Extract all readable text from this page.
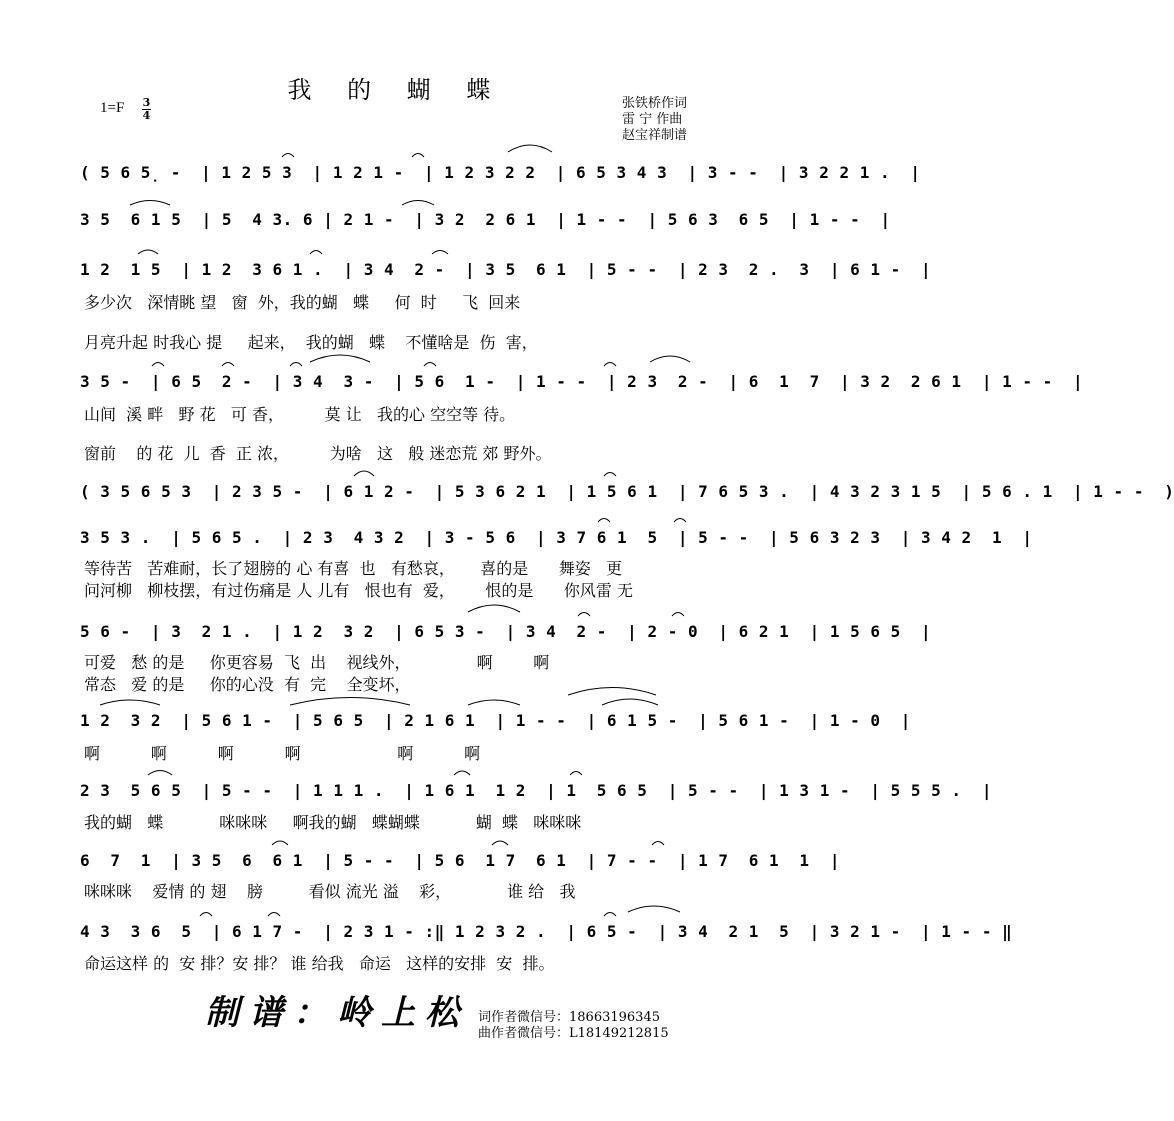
我 的 蝴 蝶
1=F 3
4
张铁桥作词
雷 宁 作曲
赵宝祥制谱
( 5 6 5̣ -  | 1 2 5 3  | 1 2 1 -  | 1 2 3 2 2  | 6 5 3 4 3  | 3 - -  | 3 2 2 1 .  |
3 5  6 1 5  | 5  4 3. 6 | 2 1 -  | 3 2  2 6 1  | 1 - -  | 5 6 3  6 5  | 1 - -  |
1 2  1 5  | 1 2  3 6 1 .  | 3 4  2 -  | 3 5  6 1  | 5 - -  | 2 3  2 .  3  | 6 1 -  |
多少次   深情眺 望   窗  外，我的蝴   蝶     何  时     飞  回来
月亮升起 时我心 提     起来，  我的蝴   蝶    不懂啥是  伤  害，
3 5 -  | 6 5  2 -  | 3 4  3 -  | 5 6  1 -  | 1 - -  | 2 3  2 -  | 6  1  7  | 3 2  2 6 1  | 1 - -  |
山间  溪 畔   野 花   可 香，        莫 让   我的心 空空等 待。
窗前    的 花  儿  香  正 浓，        为啥   这   般 迷恋荒 郊 野外。
( 3 5 6 5 3  | 2 3 5 -  | 6 1 2 -  | 5 3 6 2 1  | 1 5 6 1  | 7 6 5 3 .  | 4 3 2 3 1 5  | 5 6 . 1  | 1 - -  )
3 5 3 .  | 5 6 5 .  | 2 3  4 3 2  | 3 - 5 6  | 3 7 6 1  5  | 5 - -  | 5 6 3 2 3  | 3 4 2  1  |
等待苦   苦难耐，长了翅膀的 心 有喜  也   有愁哀，     喜的是      舞姿   更
问河柳   柳枝摆，有过伤痛是 人 儿有   恨也有  爱，      恨的是      你风雷 无
5 6 -  | 3  2 1 .  | 1 2  3 2  | 6 5 3 -  | 3 4  2 -  | 2 - 0  | 6 2 1  | 1 5 6 5  |
可爱   愁 的是     你更容易  飞  出    视线外，             啊        啊
常态   爱 的是     你的心没  有  完    全变坏，
1 2  3 2  | 5 6 1 -  | 5 6 5  | 2 1 6 1  | 1 - -  | 6 1 5 -  | 5 6 1 -  | 1 - 0  |
啊          啊          啊          啊                   啊          啊
2 3  5 6 5  | 5 - -  | 1 1 1 .  | 1 6 1  1 2  | 1  5 6 5  | 5 - -  | 1 3 1 -  | 5 5 5 .  |
我的蝴   蝶           咪咪咪     啊我的蝴   蝶蝴蝶           蝴  蝶   咪咪咪
6  7  1  | 3 5  6  6 1  | 5 - -  | 5 6  1 7  6 1  | 7 - -  | 1 7  6 1  1  |
咪咪咪    爱情 的 翅    膀         看似 流光 溢    彩，           谁 给   我
4 3  3 6  5  | 6 1 7 -  | 2 3 1 - :‖ 1 2 3 2 .  | 6 5 -  | 3 4  2 1  5  | 3 2 1 -  | 1 - - ‖
命运这样 的  安 排？安 排？ 谁 给我   命运   这样的安排  安  排。
制谱：岭上松 词作者微信号：18663196345
曲作者微信号：L18149212815
